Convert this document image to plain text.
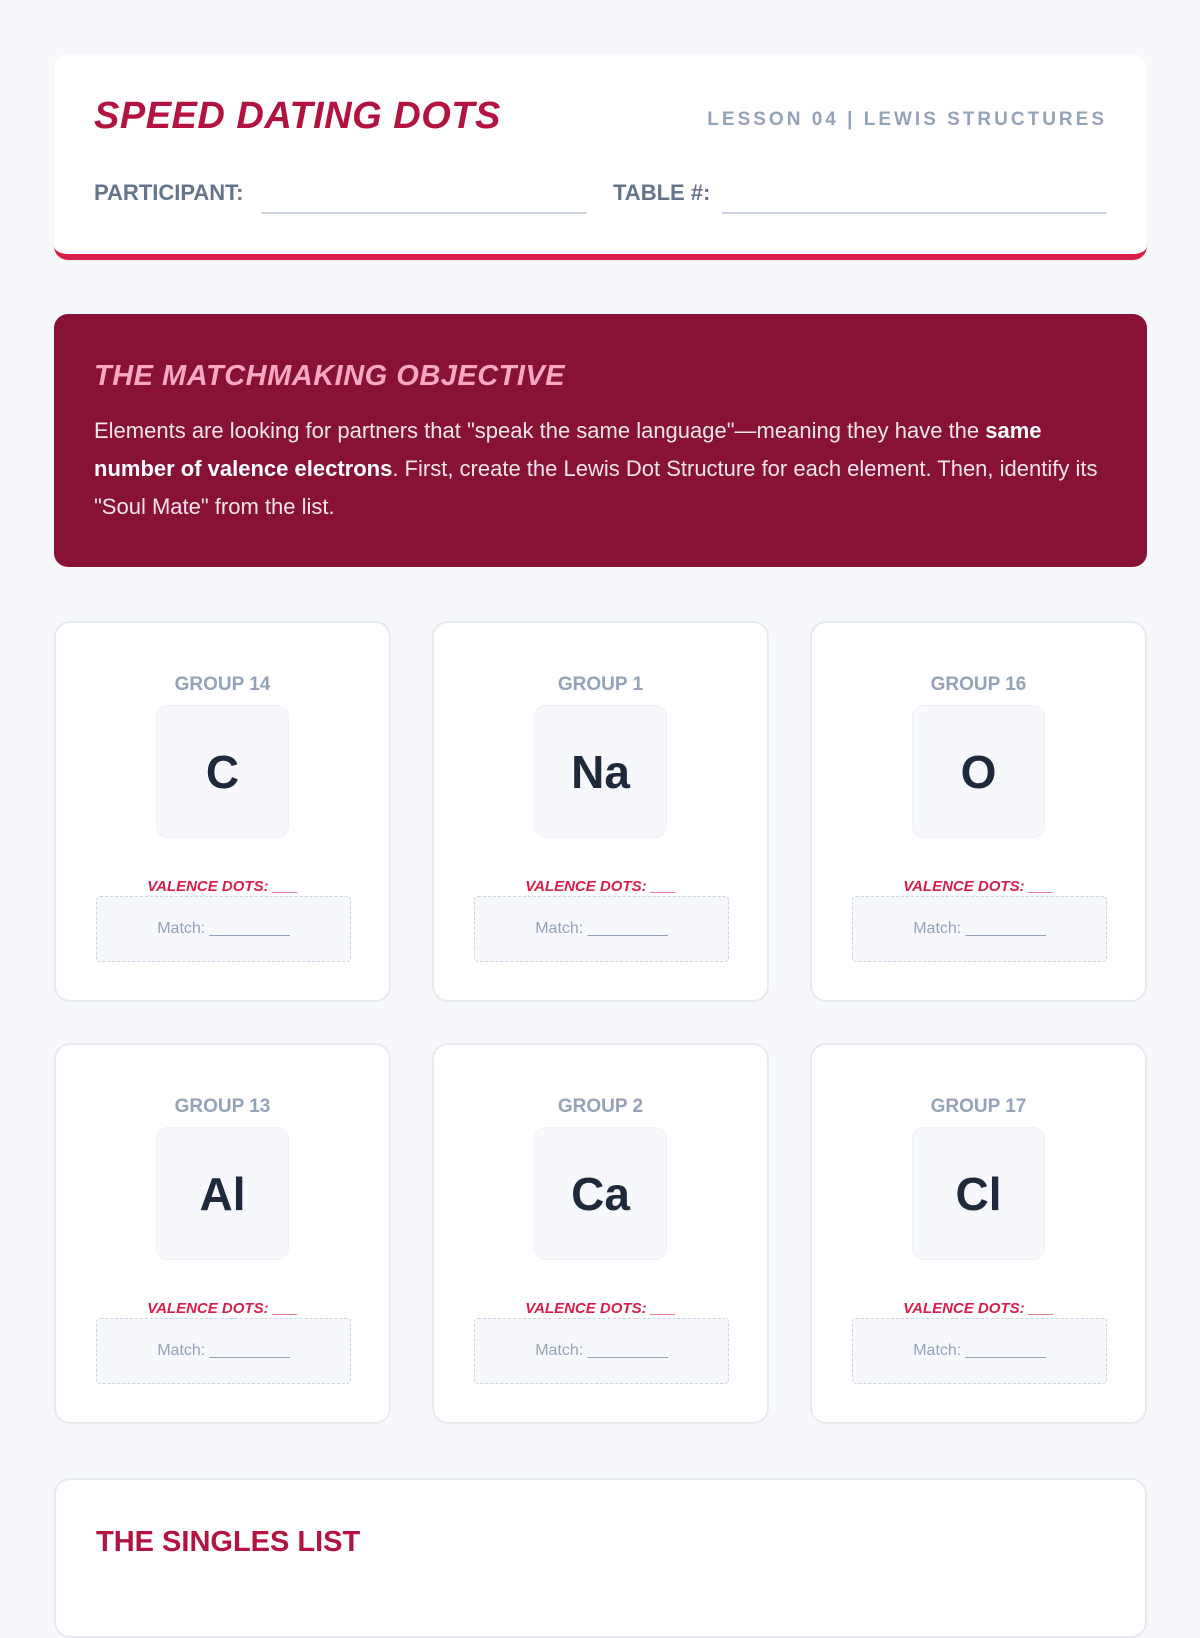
SPEED DATING DOTS	LESSON 04 | LEWIS STRUCTURES
PARTICIPANT:	TABLE #:
THE MATCHMAKING OBJECTIVE

Elements are looking for partners that "speak the same language"—meaning they have the same number of valence electrons. First, create the Lewis Dot Structure for each element. Then, identify its "Soul Mate" from the list.

GROUP 14
C
VALENCE DOTS: ___
Match: _________
GROUP 1
Na
VALENCE DOTS: ___
Match: _________
GROUP 16
O
VALENCE DOTS: ___
Match: _________
GROUP 13
Al
VALENCE DOTS: ___
Match: _________
GROUP 2
Ca
VALENCE DOTS: ___
Match: _________
GROUP 17
Cl
VALENCE DOTS: ___
Match: _________
THE SINGLES LIST
